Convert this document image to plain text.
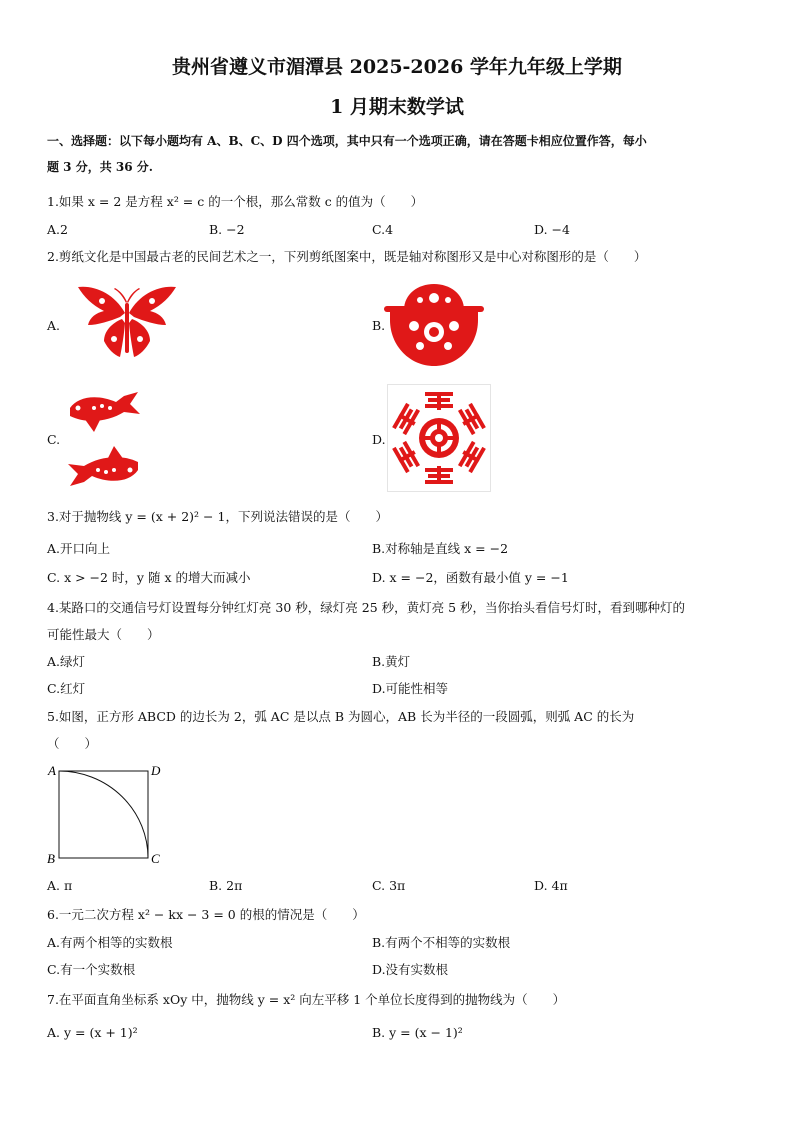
贵州省遵义市湄潭县 2025-2026 学年九年级上学期
1 月期末数学试
一、选择题：以下每小题均有 A、B、C、D 四个选项，其中只有一个选项正确，请在答题卡相应位置作答，每小
题 3 分，共 36 分.
1.如果 x = 2 是方程 x² = c 的一个根，那么常数 c 的值为（　　）
A.2	B. −2	C.4	D. −4
2.剪纸文化是中国最古老的民间艺术之一，下列剪纸图案中，既是轴对称图形又是中心对称图形的是（　　）
A.	B.
C.	D.
3.对于抛物线 y = (x + 2)² − 1，下列说法错误的是（　　）
A.开口向上	B.对称轴是直线 x = −2
C. x > −2 时，y 随 x 的增大而减小	D. x = −2，函数有最小值 y = −1
4.某路口的交通信号灯设置每分钟红灯亮 30 秒，绿灯亮 25 秒，黄灯亮 5 秒，当你抬头看信号灯时，看到哪种灯的
可能性最大（　　）
A.绿灯	B.黄灯
C.红灯	D.可能性相等
5.如图，正方形 ABCD 的边长为 2，弧 AC 是以点 B 为圆心，AB 长为半径的一段圆弧，则弧 AC 的长为
（　　）
A	D
B	C
A. π	B. 2π	C. 3π	D. 4π
6.一元二次方程 x² − kx − 3 = 0 的根的情况是（　　）
A.有两个相等的实数根	B.有两个不相等的实数根
C.有一个实数根	D.没有实数根
7.在平面直角坐标系 xOy 中，抛物线 y = x² 向左平移 1 个单位长度得到的抛物线为（　　）
A. y = (x + 1)²	B. y = (x − 1)²
